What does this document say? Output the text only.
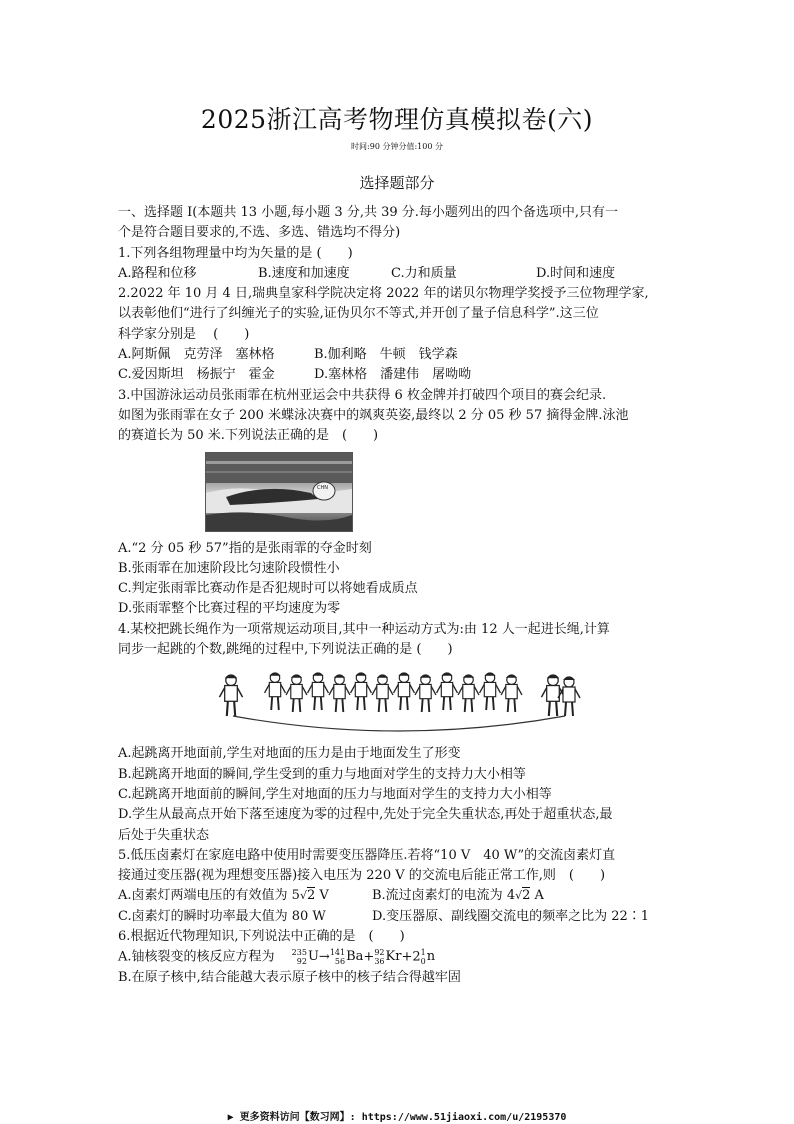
2025浙江高考物理仿真模拟卷(六)
时间:90 分钟分值:100 分
选择题部分

一、选择题 Ⅰ(本题共 13 小题,每小题 3 分,共 39 分.每小题列出的四个备选项中,只有一

个是符合题目要求的,不选、多选、错选均不得分)

1.下列各组物理量中均为矢量的是 (　　)

A.路程和位移	B.速度和加速度	C.力和质量	D.时间和速度

2.2022 年 10 月 4 日,瑞典皇家科学院决定将 2022 年的诺贝尔物理学奖授予三位物理学家,

以表彰他们“进行了纠缠光子的实验,证伪贝尔不等式,并开创了量子信息科学”.这三位

科学家分别是　 (　　)

A.阿斯佩　克劳泽　塞林格	B.伽利略　牛顿　钱学森
C.爱因斯坦　杨振宁　霍金	D.塞林格　潘建伟　屠呦呦

3.中国游泳运动员张雨霏在杭州亚运会中共获得 6 枚金牌并打破四个项目的赛会纪录.

如图为张雨霏在女子 200 米蝶泳决赛中的飒爽英姿,最终以 2 分 05 秒 57 摘得金牌.泳池

的赛道长为 50 米.下列说法正确的是　(　　)

CHN

A.“2 分 05 秒 57”指的是张雨霏的夺金时刻

B.张雨霏在加速阶段比匀速阶段惯性小

C.判定张雨霏比赛动作是否犯规时可以将她看成质点

D.张雨霏整个比赛过程的平均速度为零

4.某校把跳长绳作为一项常规运动项目,其中一种运动方式为:由 12 人一起进长绳,计算

同步一起跳的个数,跳绳的过程中,下列说法正确的是 (　　)

A.起跳离开地面前,学生对地面的压力是由于地面发生了形变

B.起跳离开地面的瞬间,学生受到的重力与地面对学生的支持力大小相等

C.起跳离开地面前的瞬间,学生对地面的压力与地面对学生的支持力大小相等

D.学生从最高点开始下落至速度为零的过程中,先处于完全失重状态,再处于超重状态,最

后处于失重状态

5.低压卤素灯在家庭电路中使用时需要变压器降压.若将“10 V　40 W”的交流卤素灯直

接通过变压器(视为理想变压器)接入电压为 220 V 的交流电后能正常工作,则　(　　)

A.卤素灯两端电压的有效值为 5√2 V	B.流过卤素灯的电流为 4√2 A
C.卤素灯的瞬时功率最大值为 80 W	D.变压器原、副线圈交流电的频率之比为 22∶1

6.根据近代物理知识,下列说法中正确的是　(　　)

A.铀核裂变的核反应方程为　 235
92 U → 141
56 Ba + 92
36 Kr +2 1
0 n

B.在原子核中,结合能越大表示原子核中的核子结合得越牢固

▶ 更多资料访问【数习网】: https://www.51jiaoxi.com/u/2195370
